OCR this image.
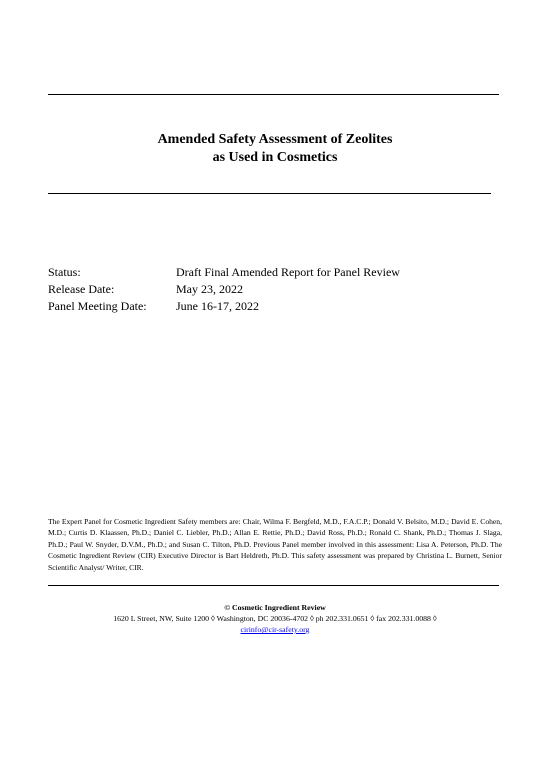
Amended Safety Assessment of Zeolites
as Used in Cosmetics
Status:	Draft Final Amended Report for Panel Review
Release Date:	May 23, 2022
Panel Meeting Date:	June 16-17, 2022
The Expert Panel for Cosmetic Ingredient Safety members are: Chair, Wilma F. Bergfeld, M.D., F.A.C.P.; Donald V. Belsito, M.D.; David E. Cohen, M.D.; Curtis D. Klaassen, Ph.D.; Daniel C. Liebler, Ph.D.; Allan E. Rettie, Ph.D.; David Ross, Ph.D.; Ronald C. Shank, Ph.D.; Thomas J. Slaga, Ph.D.; Paul W. Snyder, D.V.M., Ph.D.; and Susan C. Tilton, Ph.D. Previous Panel member involved in this assessment: Lisa A. Peterson, Ph.D. The Cosmetic Ingredient Review (CIR) Executive Director is Bart Heldreth, Ph.D. This safety assessment was prepared by Christina L. Burnett, Senior Scientific Analyst/ Writer, CIR.
© Cosmetic Ingredient Review
1620 L Street, NW, Suite 1200 ◊ Washington, DC 20036-4702 ◊ ph 202.331.0651 ◊ fax 202.331.0088 ◊
cirinfo@cir-safety.org
